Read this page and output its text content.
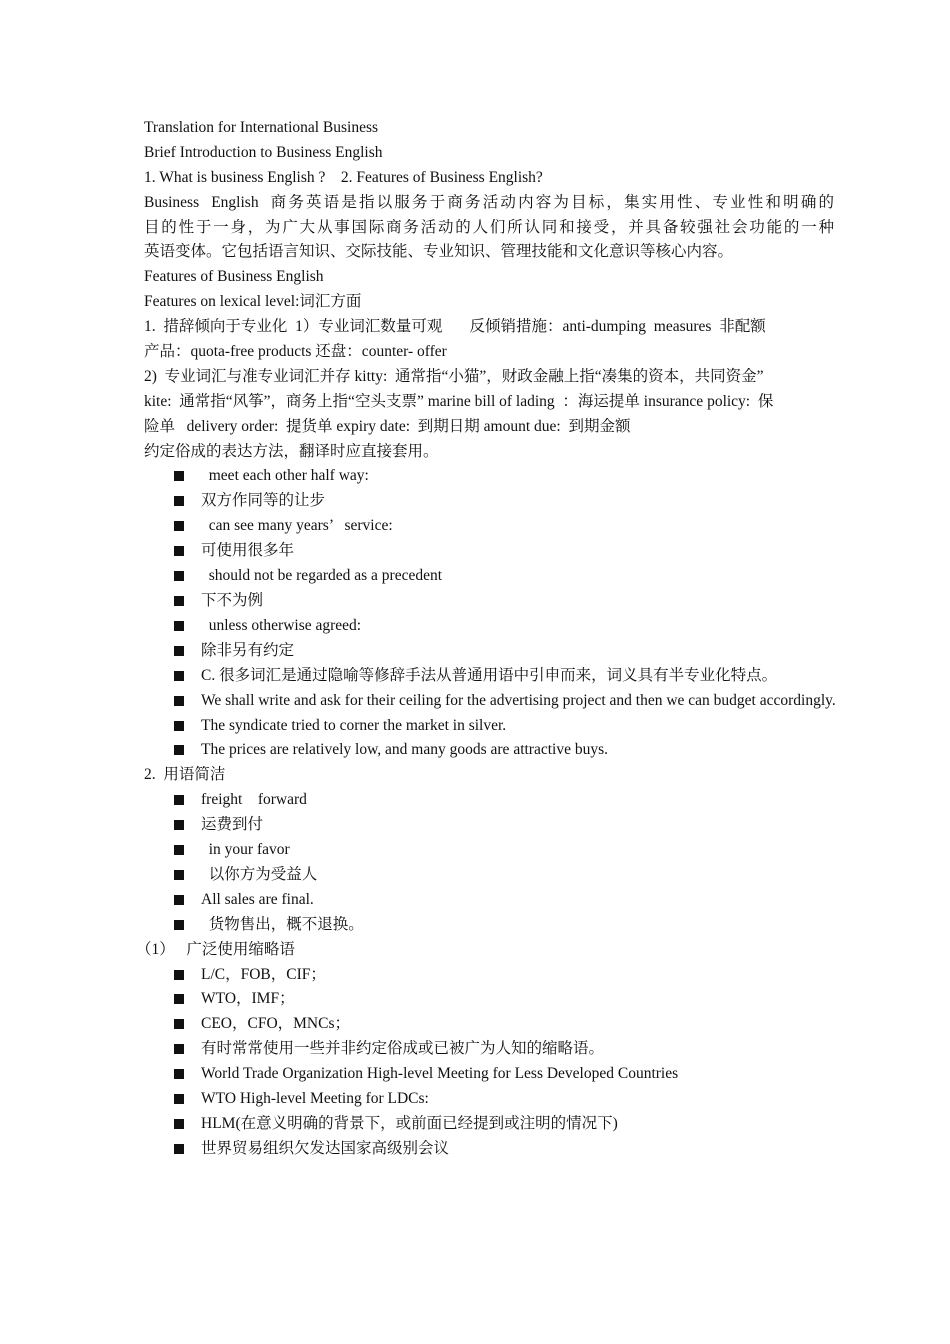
Translation for International Business
Brief Introduction to Business English
1. What is business English ?    2. Features of Business English?
Business  English  商务英语是指以服务于商务活动内容为目标，集实用性、专业性和明确的
目的性于一身，为广大从事国际商务活动的人们所认同和接受，并具备较强社会功能的一种
英语变体。它包括语言知识、交际技能、专业知识、管理技能和文化意识等核心内容。
Features of Business English
Features on lexical level:词汇方面
1.  措辞倾向于专业化  1）专业词汇数量可观       反倾销措施：anti-dumping  measures  非配额
产品：quota-free products 还盘：counter- offer
2)  专业词汇与准专业词汇并存 kitty:  通常指“小猫”，财政金融上指“凑集的资本，共同资金”
kite:  通常指“风筝”，商务上指“空头支票” marine bill of lading  ：海运提单 insurance policy:  保
险单   delivery order:  提货单 expiry date:  到期日期 amount due:  到期金额
约定俗成的表达方法，翻译时应直接套用。
meet each other half way:
双方作同等的让步
can see many years’   service:
可使用很多年
should not be regarded as a precedent
下不为例
unless otherwise agreed:
除非另有约定
C. 很多词汇是通过隐喻等修辞手法从普通用语中引申而来，词义具有半专业化特点。
We shall write and ask for their ceiling for the advertising project and then we can budget accordingly.
The syndicate tried to corner the market in silver.
The prices are relatively low, and many goods are attractive buys.
2.  用语简洁
freight    forward
运费到付
in your favor
以你方为受益人
All sales are final.
货物售出，概不退换。
（1）   广泛使用缩略语
L/C，FOB，CIF；
WTO，IMF；
CEO，CFO，MNCs；
有时常常使用一些并非约定俗成或已被广为人知的缩略语。
World Trade Organization High-level Meeting for Less Developed Countries
WTO High-level Meeting for LDCs:
HLM(在意义明确的背景下，或前面已经提到或注明的情况下)
世界贸易组织欠发达国家高级别会议
